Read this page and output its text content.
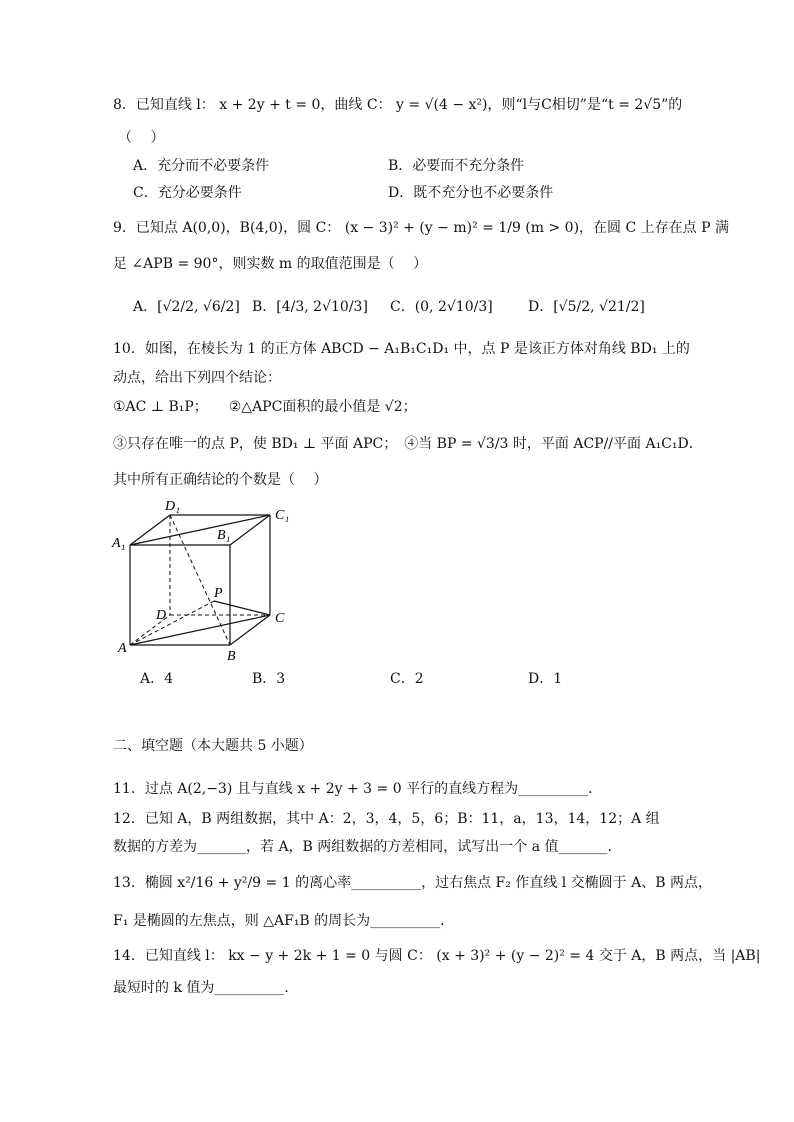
8．已知直线 l： x + 2y + t = 0，曲线 C： y = √(4 − x²)，则“l与C相切”是“t = 2√5”的
（　 ）
A．充分而不必要条件	B．必要而不充分条件
C．充分必要条件	D．既不充分也不必要条件
9．已知点 A(0,0)，B(4,0)，圆 C： (x − 3)² + (y − m)² = 1/9 (m > 0)，在圆 C 上存在点 P 满
足 ∠APB = 90°，则实数 m 的取值范围是（　 ）
A．[√2/2, √6/2] B．[4/3, 2√10/3] C．(0, 2√10/3]	D．[√5/2, √21/2]
10．如图，在棱长为 1 的正方体 ABCD − A₁B₁C₁D₁ 中，点 P 是该正方体对角线 BD₁ 上的
动点，给出下列四个结论：
①AC ⊥ B₁P；　　②△APC面积的最小值是 √2；
③只存在唯一的点 P，使 BD₁ ⊥ 平面 APC；　④当 BP = √3/3 时，平面 ACP//平面 A₁C₁D．
其中所有正确结论的个数是（　 ）
D₁
C₁
A₁
B₁
P
D	C
A
B
A．4	B．3	C．2	D．1
二、填空题（本大题共 5 小题）
11．过点 A(2,−3) 且与直线 x + 2y + 3 = 0 平行的直线方程为__________．
12．已知 A，B 两组数据，其中 A：2，3，4，5，6；B：11，a，13，14，12；A 组
数据的方差为_______，若 A，B 两组数据的方差相同，试写出一个 a 值_______．
13．椭圆 x²/16 + y²/9 = 1 的离心率__________，过右焦点 F₂ 作直线 l 交椭圆于 A、B 两点，
F₁ 是椭圆的左焦点，则 △AF₁B 的周长为__________．
14．已知直线 l： kx − y + 2k + 1 = 0 与圆 C： (x + 3)² + (y − 2)² = 4 交于 A，B 两点，当 |AB|
最短时的 k 值为__________．
